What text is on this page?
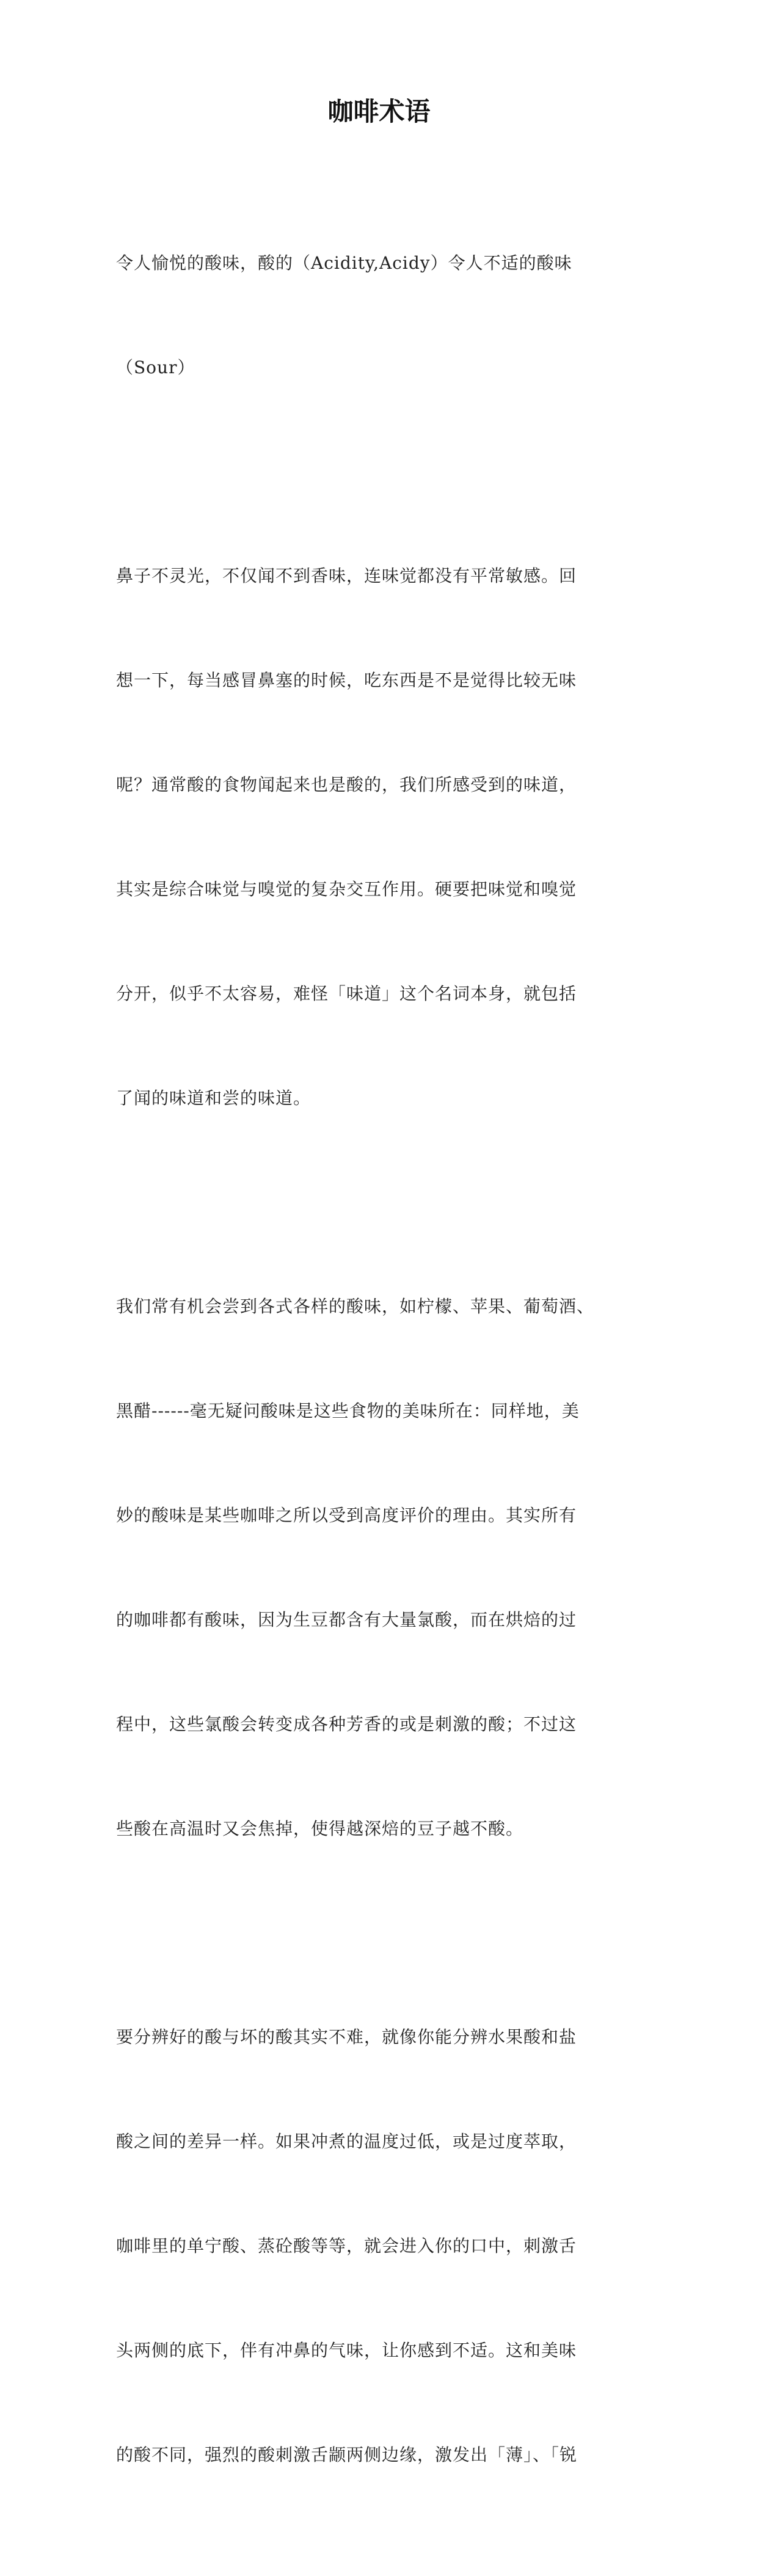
咖啡术语

令人愉悦的酸味，酸的（Acidity,Acidy）令人不适的酸味

（Sour）

鼻子不灵光，不仅闻不到香味，连味觉都没有平常敏感。回

想一下，每当感冒鼻塞的时候，吃东西是不是觉得比较无味

呢？通常酸的食物闻起来也是酸的，我们所感受到的味道，

其实是综合味觉与嗅觉的复杂交互作用。硬要把味觉和嗅觉

分开，似乎不太容易，难怪「味道」这个名词本身，就包括

了闻的味道和尝的味道。

我们常有机会尝到各式各样的酸味，如柠檬、苹果、葡萄酒、

黑醋------毫无疑问酸味是这些食物的美味所在：同样地，美

妙的酸味是某些咖啡之所以受到高度评价的理由。其实所有

的咖啡都有酸味，因为生豆都含有大量氯酸，而在烘焙的过

程中，这些氯酸会转变成各种芳香的或是刺激的酸；不过这

些酸在高温时又会焦掉，使得越深焙的豆子越不酸。

要分辨好的酸与坏的酸其实不难，就像你能分辨水果酸和盐

酸之间的差异一样。如果冲煮的温度过低，或是过度萃取，

咖啡里的单宁酸、蒸砼酸等等，就会进入你的口中，刺激舌

头两侧的底下，伴有冲鼻的气味，让你感到不适。这和美味

的酸不同，强烈的酸刺激舌颛两侧边缘，激发出「薄」、「锐
